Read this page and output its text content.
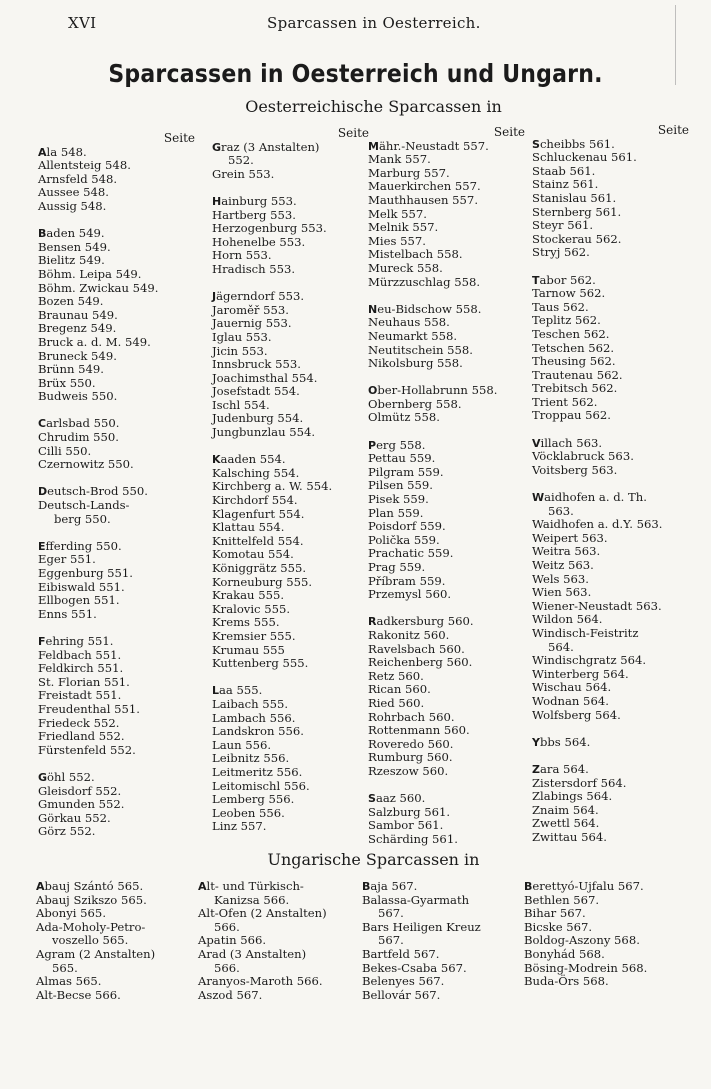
XVI	Sparcassen in Oesterreich.
Sparcassen in Oesterreich und Ungarn.
Oesterreichische Sparcassen in
Seite
Ala 548.
Allentsteig 548.
Arnsfeld 548.
Aussee 548.
Aussig 548.
Baden 549.
Bensen 549.
Bielitz 549.
Böhm. Leipa 549.
Böhm. Zwickau 549.
Bozen 549.
Braunau 549.
Bregenz 549.
Bruck a. d. M. 549.
Bruneck 549.
Brünn 549.
Brüx 550.
Budweis 550.
Carlsbad 550.
Chrudim 550.
Cilli 550.
Czernowitz 550.
Deutsch-Brod 550.
Deutsch-Lands-
berg 550.
Efferding 550.
Eger 551.
Eggenburg 551.
Eibiswald 551.
Ellbogen 551.
Enns 551.
Fehring 551.
Feldbach 551.
Feldkirch 551.
St. Florian 551.
Freistadt 551.
Freudenthal 551.
Friedeck 552.
Friedland 552.
Fürstenfeld 552.
Göhl 552.
Gleisdorf 552.
Gmunden 552.
Görkau 552.
Görz 552.
Seite
Graz (3 Anstalten)
552.
Grein 553.
Hainburg 553.
Hartberg 553.
Herzogenburg 553.
Hohenelbe 553.
Horn 553.
Hradisch 553.
Jägerndorf 553.
Jaroměř 553.
Jauernig 553.
Iglau 553.
Jicin 553.
Innsbruck 553.
Joachimsthal 554.
Josefstadt 554.
Ischl 554.
Judenburg 554.
Jungbunzlau 554.
Kaaden 554.
Kalsching 554.
Kirchberg a. W. 554.
Kirchdorf 554.
Klagenfurt 554.
Klattau 554.
Knittelfeld 554.
Komotau 554.
Königgrätz 555.
Korneuburg 555.
Krakau 555.
Kralovic 555.
Krems 555.
Kremsier 555.
Krumau 555
Kuttenberg 555.
Laa 555.
Laibach 555.
Lambach 556.
Landskron 556.
Laun 556.
Leibnitz 556.
Leitmeritz 556.
Leitomischl 556.
Lemberg 556.
Leoben 556.
Linz 557.
Seite
Mähr.-Neustadt 557.
Mank 557.
Marburg 557.
Mauerkirchen 557.
Mauthhausen 557.
Melk 557.
Melnik 557.
Mies 557.
Mistelbach 558.
Mureck 558.
Mürzzuschlag 558.
Neu-Bidschow 558.
Neuhaus 558.
Neumarkt 558.
Neutitschein 558.
Nikolsburg 558.
Ober-Hollabrunn 558.
Obernberg 558.
Olmütz 558.
Perg 558.
Pettau 559.
Pilgram 559.
Pilsen 559.
Pisek 559.
Plan 559.
Poisdorf 559.
Polička 559.
Prachatic 559.
Prag 559.
Příbram 559.
Przemysl 560.
Radkersburg 560.
Rakonitz 560.
Ravelsbach 560.
Reichenberg 560.
Retz 560.
Rican 560.
Ried 560.
Rohrbach 560.
Rottenmann 560.
Roveredo 560.
Rumburg 560.
Rzeszow 560.
Saaz 560.
Salzburg 561.
Sambor 561.
Schärding 561.
Seite
Scheibbs 561.
Schluckenau 561.
Staab 561.
Stainz 561.
Stanislau 561.
Sternberg 561.
Steyr 561.
Stockerau 562.
Stryj 562.
Tabor 562.
Tarnow 562.
Taus 562.
Teplitz 562.
Teschen 562.
Tetschen 562.
Theusing 562.
Trautenau 562.
Trebitsch 562.
Trient 562.
Troppau 562.
Villach 563.
Vöcklabruck 563.
Voitsberg 563.
Waidhofen a. d. Th.
563.
Waidhofen a. d.Y. 563.
Weipert 563.
Weitra 563.
Weitz 563.
Wels 563.
Wien 563.
Wiener-Neustadt 563.
Wildon 564.
Windisch-Feistritz
564.
Windischgratz 564.
Winterberg 564.
Wischau 564.
Wodnan 564.
Wolfsberg 564.
Ybbs 564.
Zara 564.
Zistersdorf 564.
Zlabings 564.
Znaim 564.
Zwettl 564.
Zwittau 564.
Ungarische Sparcassen in
Abauj Szántó 565.
Abauj Szikszo 565.
Abonyi 565.
Ada-Moholy-Petro-
voszello 565.
Agram (2 Anstalten)
565.
Almas 565.
Alt-Becse 566.
Alt- und Türkisch-
Kanizsa 566.
Alt-Ofen (2 Anstalten)
566.
Apatin 566.
Arad (3 Anstalten)
566.
Aranyos-Maroth 566.
Aszod 567.
Baja 567.
Balassa-Gyarmath
567.
Bars Heiligen Kreuz
567.
Bartfeld 567.
Bekes-Csaba 567.
Belenyes 567.
Bellovár 567.
Berettyó-Ujfalu 567.
Bethlen 567.
Bihar 567.
Bicske 567.
Boldog-Aszony 568.
Bonyhád 568.
Bösing-Modrein 568.
Buda-Örs 568.
